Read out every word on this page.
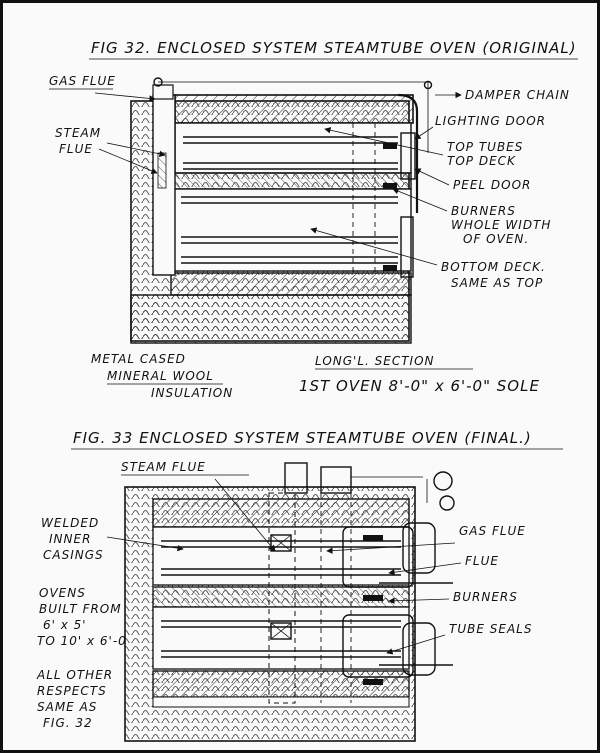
FIG 32. ENCLOSED SYSTEM STEAMTUBE OVEN (ORIGINAL)
GAS FLUE
STEAM
FLUE
DAMPER CHAIN
LIGHTING DOOR
TOP TUBES
TOP DECK
PEEL DOOR
BURNERS
WHOLE WIDTH
OF OVEN.
BOTTOM DECK.
SAME AS TOP
METAL CASED
MINERAL WOOL
INSULATION
LONG'L. SECTION
1ST OVEN 8'-0" x 6'-0" SOLE
FIG. 33 ENCLOSED SYSTEM STEAMTUBE OVEN (FINAL.)
STEAM FLUE
WELDED
INNER
CASINGS
GAS FLUE
FLUE
BURNERS
TUBE SEALS
OVENS
BUILT FROM
6' x 5'
TO 10' x 6'-0
ALL OTHER
RESPECTS
SAME AS
FIG. 32
